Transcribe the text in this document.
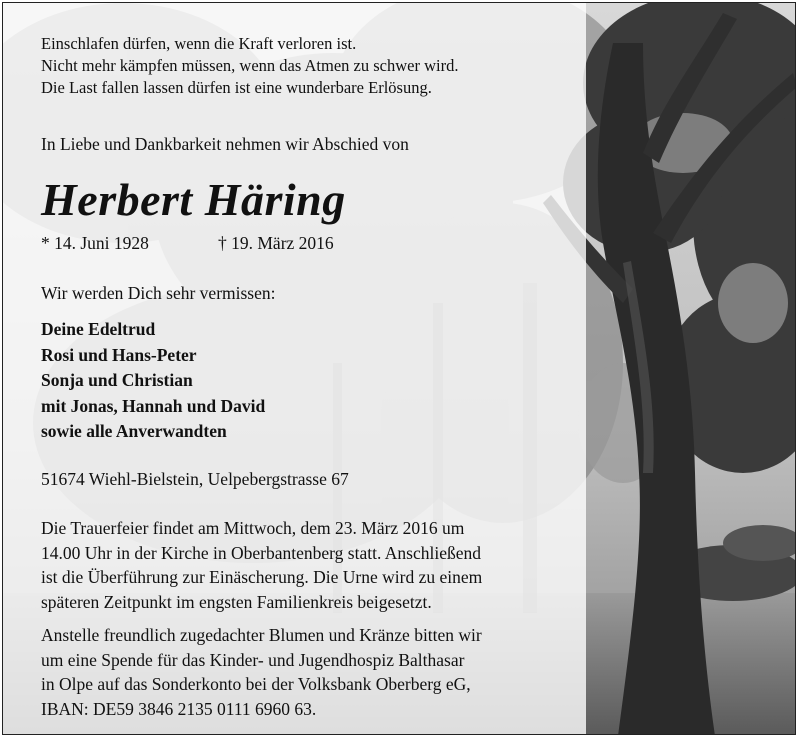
Einschlafen dürfen, wenn die Kraft verloren ist.
Nicht mehr kämpfen müssen, wenn das Atmen zu schwer wird.
Die Last fallen lassen dürfen ist eine wunderbare Erlösung.
In Liebe und Dankbarkeit nehmen wir Abschied von
Herbert Häring
* 14. Juni 1928	† 19. März 2016
Wir werden Dich sehr vermissen:
Deine Edeltrud
Rosi und Hans-Peter
Sonja und Christian
mit Jonas, Hannah und David
sowie alle Anverwandten
51674 Wiehl-Bielstein, Uelpebergstrasse 67
Die Trauerfeier findet am Mittwoch, dem 23. März 2016 um
14.00 Uhr in der Kirche in Oberbantenberg statt. Anschließend
ist die Überführung zur Einäscherung. Die Urne wird zu einem
späteren Zeitpunkt im engsten Familienkreis beigesetzt.
Anstelle freundlich zugedachter Blumen und Kränze bitten wir
um eine Spende für das Kinder- und Jugendhospiz Balthasar
in Olpe auf das Sonderkonto bei der Volksbank Oberberg eG,
IBAN: DE59 3846 2135 0111 6960 63.
